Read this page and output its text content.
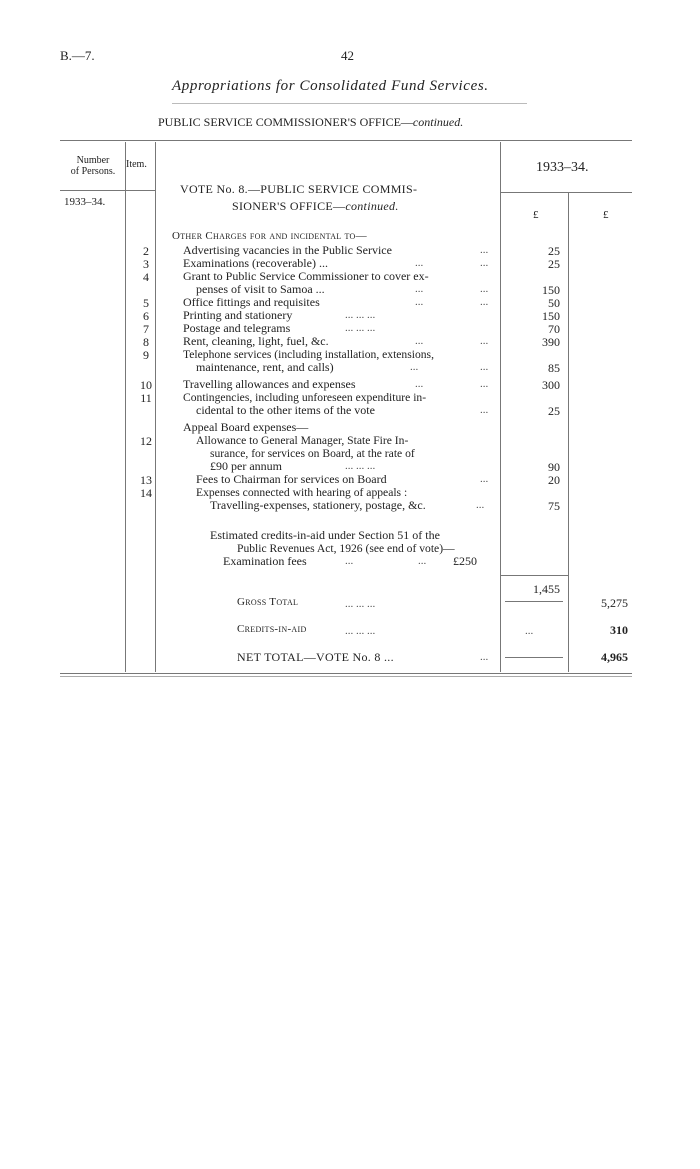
B.—7.	42
Appropriations for Consolidated Fund Services.
PUBLIC SERVICE COMMISSIONER'S OFFICE—continued.
Number
of Persons.
Item.	1933–34.
1933–34.
VOTE No. 8.—PUBLIC SERVICE COMMIS-
SIONER'S OFFICE—continued.
£	£
Other Charges for and incidental to—
2	Advertising vacancies in the Public Service	...	25
3	Examinations (recoverable) ...	...	...	25
4	Grant to Public Service Commissioner to cover ex-
penses of visit to Samoa ...	...	...	150
5	Office fittings and requisites	...	...	50
6	Printing and stationery	... ... ...	150
7	Postage and telegrams	... ... ...	70
8	Rent, cleaning, light, fuel, &c.	...	...	390
9	Telephone services (including installation, extensions,
maintenance, rent, and calls)	...	...	85
10	Travelling allowances and expenses	...	...	300
11	Contingencies, including unforeseen expenditure in-
cidental to the other items of the vote	...	25
Appeal Board expenses—
12	Allowance to General Manager, State Fire In-
surance, for services on Board, at the rate of
£90 per annum	... ... ...	90
13	Fees to Chairman for services on Board	...	20
14	Expenses connected with hearing of appeals :
Travelling-expenses, stationery, postage, &c.	...	75
Estimated credits-in-aid under Section 51 of the
Public Revenues Act, 1926 (see end of vote)—
Examination fees	...	... £250
1,455
Gross Total	... ... ...	5,275
Credits-in-aid	... ... ...	...	310
NET TOTAL—VOTE No. 8 ...	...	4,965
